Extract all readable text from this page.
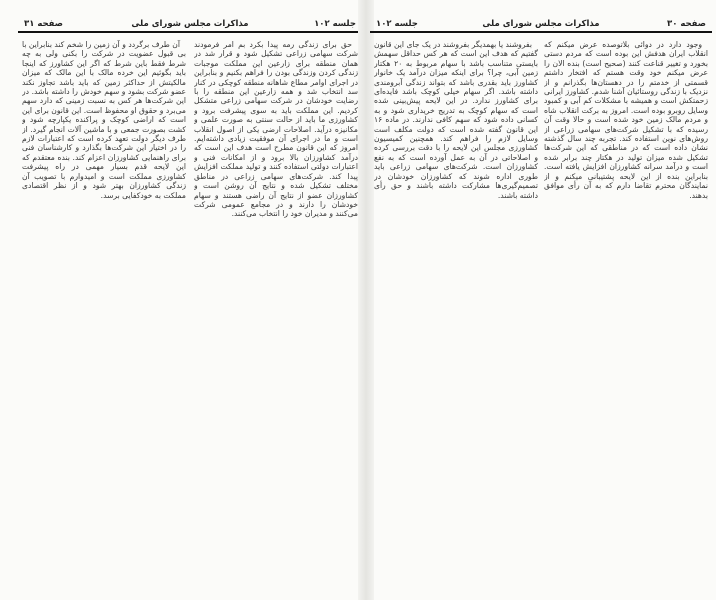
جلسه ۱۰۲
مذاکرات مجلس شورای ملی
صفحه ۳۱

حق برای زندگی رمه پیدا بکرد بم امر فرمودند شرکت سهامی زراعی تشکیل شود و قرار شد در همان منطقه برای زارعین این مملکت موجبات زندگی کردن وزندگی بودن را فراهم بکنیم و بنابراین در اجرای اوامر مطاع شاهانه منطقه کوچکی در کنار سد انتخاب شد و همه زارعین این منطقه را با رضایت خودشان در شرکت سهامی زراعی متشکل کردیم. این مملکت باید به سوی پیشرفت برود و کشاورزی ما باید از حالت سنتی به صورت علمی و مکانیزه درآید. اصلاحات ارضی یکی از اصول انقلاب است و ما در اجرای آن موفقیت زیادی داشته‌ایم. امروز که این قانون مطرح است هدف این است که درآمد کشاورزان بالا برود و از امکانات فنی و اعتبارات دولتی استفاده کنند و تولید مملکت افزایش پیدا کند. شرکت‌های سهامی زراعی در مناطق مختلف تشکیل شده و نتایج آن روشن است و کشاورزان عضو از نتایج آن راضی هستند و سهام خودشان را دارند و در مجامع عمومی شرکت می‌کنند و مدیران خود را انتخاب می‌کنند.

آن طرف برگردد و آن زمین را شخم کند بنابراین با بی قبول عضویت در شرکت را بکنی ولی به چه شرط فقط باین شرط که اگر این کشاورز که اینجا باید بگوئیم این خرده مالک با این مالک که میزان مالکیتش از حداکثر زمین که باید باشد تجاوز نکند عضو شرکت بشود و سهم خودش را داشته باشد. در این شرکت‌ها هر کس به نسبت زمینی که دارد سهم می‌برد و حقوق او محفوظ است. این قانون برای این است که اراضی کوچک و پراکنده یکپارچه شود و کشت بصورت جمعی و با ماشین آلات انجام گیرد. از طرف دیگر دولت تعهد کرده است که اعتبارات لازم را در اختیار این شرکت‌ها بگذارد و کارشناسان فنی برای راهنمایی کشاورزان اعزام کند. بنده معتقدم که این لایحه قدم بسیار مهمی در راه پیشرفت کشاورزی مملکت است و امیدوارم با تصویب آن زندگی کشاورزان بهتر شود و از نظر اقتصادی مملکت به خودکفایی برسد.

صفحه ۳۰
مذاکرات مجلس شورای ملی
جلسه ۱۰۲

وجود دارد در دوائی بلاتوصده عرض میکنم که انقلاب ایران هدفش این بوده است که مردم دستی بخورد و تغییر قناعت کنند (صحیح است) بنده الان را عرض میکنم خود وقت هستم که افتخار داشتم قسمتی از خدمتم را در دهستان‌ها بگذرانم و از نزدیک با زندگی روستائیان آشنا شدم. کشاورز ایرانی زحمتکش است و همیشه با مشکلات کم آبی و کمبود وسایل روبرو بوده است. امروز به برکت انقلاب شاه و مردم مالک زمین خود شده است و حالا وقت آن رسیده که با تشکیل شرکت‌های سهامی زراعی از روش‌های نوین استفاده کند. تجربه چند سال گذشته نشان داده است که در مناطقی که این شرکت‌ها تشکیل شده میزان تولید در هکتار چند برابر شده است و درآمد سرانه کشاورزان افزایش یافته است. بنابراین بنده از این لایحه پشتیبانی میکنم و از نمایندگان محترم تقاضا دارم که به آن رأی موافق بدهند.

بفروشند یا بهمدیگر بفروشند در یک جای این قانون گفتیم که هدف این است که هر کس حداقل سهمش بایستی متناسب باشد با سهام مربوط به ۲۰ هکتار زمین آبی، چرا؟ برای اینکه میزان درآمد یک خانوار کشاورز باید بقدری باشد که بتواند زندگی آبرومندی داشته باشد. اگر سهام خیلی کوچک باشد فایده‌ای برای کشاورز ندارد. در این لایحه پیش‌بینی شده است که سهام کوچک به تدریج خریداری شود و به کسانی داده شود که سهم کافی ندارند. در ماده ۱۶ این قانون گفته شده است که دولت مکلف است وسایل لازم را فراهم کند. همچنین کمیسیون کشاورزی مجلس این لایحه را با دقت بررسی کرده و اصلاحاتی در آن به عمل آورده است که به نفع کشاورزان است. شرکت‌های سهامی زراعی باید طوری اداره شوند که کشاورزان خودشان در تصمیم‌گیری‌ها مشارکت داشته باشند و حق رأی داشته باشند.
